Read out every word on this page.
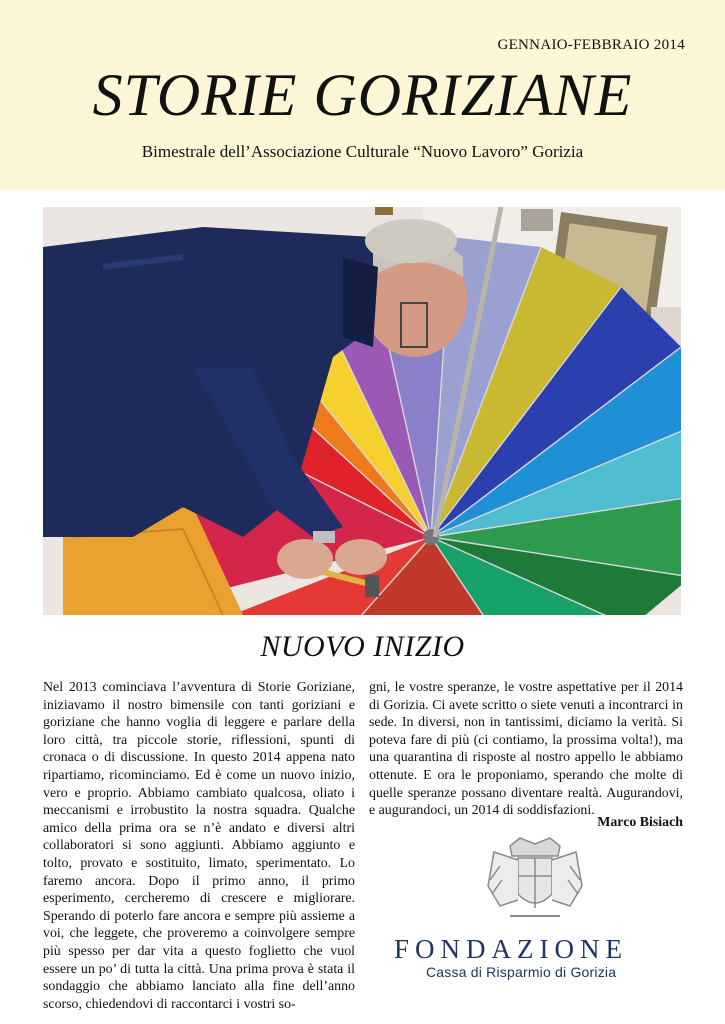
GENNAIO-FEBBRAIO 2014
STORIE GORIZIANE
Bimestrale dell’Associazione Culturale “Nuovo Lavoro” Gorizia
NUOVO INIZIO
Nel 2013 cominciava l’avventura di Storie Goriziane, iniziavamo il nostro bimensile con tanti goriziani e goriziane che hanno voglia di leggere e parlare della loro città, tra piccole storie, riflessioni, spunti di cronaca o di discussione. In questo 2014 appena nato ripartiamo, ricominciamo. Ed è come un nuovo inizio, vero e proprio. Abbiamo cambiato qualcosa, oliato i meccanismi e irrobustito la nostra squadra. Qualche amico della prima ora se n’è andato e diversi altri collaboratori si sono aggiunti. Abbiamo aggiunto e tolto, provato e sostituito, limato, sperimentato. Lo faremo ancora. Dopo il primo anno, il primo esperimento, cercheremo di crescere e migliorare. Sperando di poterlo fare ancora e sempre più assieme a voi, che leggete, che proveremo a coinvolgere sempre più spesso per dar vita a questo foglietto che vuol essere un po’ di tutta la città. Una prima prova è stata il sondaggio che abbiamo lanciato alla fine dell’anno scorso, chiedendovi di raccontarci i vostri so-
gni, le vostre speranze, le vostre aspettative per il 2014 di Gorizia. Ci avete scritto o siete venuti a incontrarci in sede. In diversi, non in tantissimi, diciamo la verità. Si poteva fare di più (ci contiamo, la prossima volta!), ma una quarantina di risposte al nostro appello le abbiamo ottenute. E ora le proponiamo, sperando che molte di quelle speranze possano diventare realtà. Augurandovi, e augurandoci, un 2014 di soddisfazioni.
Marco Bisiach
FONDAZIONE
Cassa di Risparmio di Gorizia
